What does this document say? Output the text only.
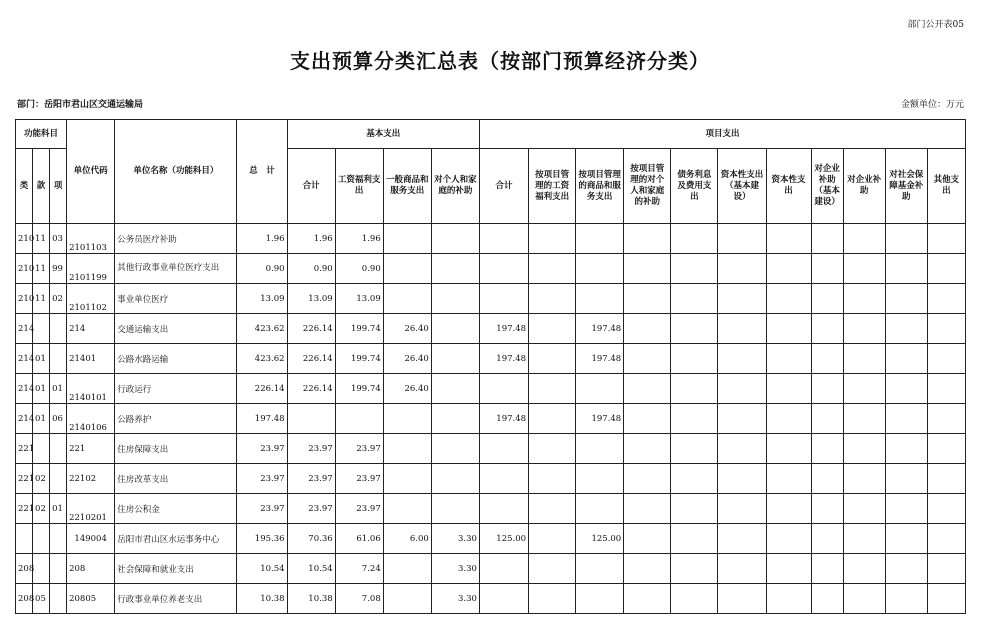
部门公开表05
支出预算分类汇总表（按部门预算经济分类）
部门：岳阳市君山区交通运输局	金额单位：万元
功能科目			单位代码	单位名称（功能科目）	总　计	基本支出				项目支出										
类	款	项				合计	工资福利支出	一般商品和服务支出	对个人和家庭的补助	合计	按项目管理的工资福利支出	按项目管理的商品和服务支出	按项目管理的对个人和家庭的补助	债务利息及费用支出	资本性支出（基本建设）	资本性支出	对企业补助（基本建设）	对企业补助	对社会保障基金补助	其他支出
210	11	03	2101103	公务员医疗补助	1.96	1.96	1.96													
210	11	99	2101199	其他行政事业单位医疗支出	0.90	0.90	0.90													
210	11	02	2101102	事业单位医疗	13.09	13.09	13.09													
214			214	交通运输支出	423.62	226.14	199.74	26.40		197.48		197.48								
214	01		21401	公路水路运输	423.62	226.14	199.74	26.40		197.48		197.48								
214	01	01	2140101	行政运行	226.14	226.14	199.74	26.40												
214	01	06	2140106	公路养护	197.48					197.48		197.48								
221			221	住房保障支出	23.97	23.97	23.97													
221	02		22102	住房改革支出	23.97	23.97	23.97													
221	02	01	2210201	住房公积金	23.97	23.97	23.97													
			149004	岳阳市君山区水运事务中心	195.36	70.36	61.06	6.00	3.30	125.00		125.00								
208			208	社会保障和就业支出	10.54	10.54	7.24		3.30											
208	05		20805	行政事业单位养老支出	10.38	10.38	7.08		3.30											
